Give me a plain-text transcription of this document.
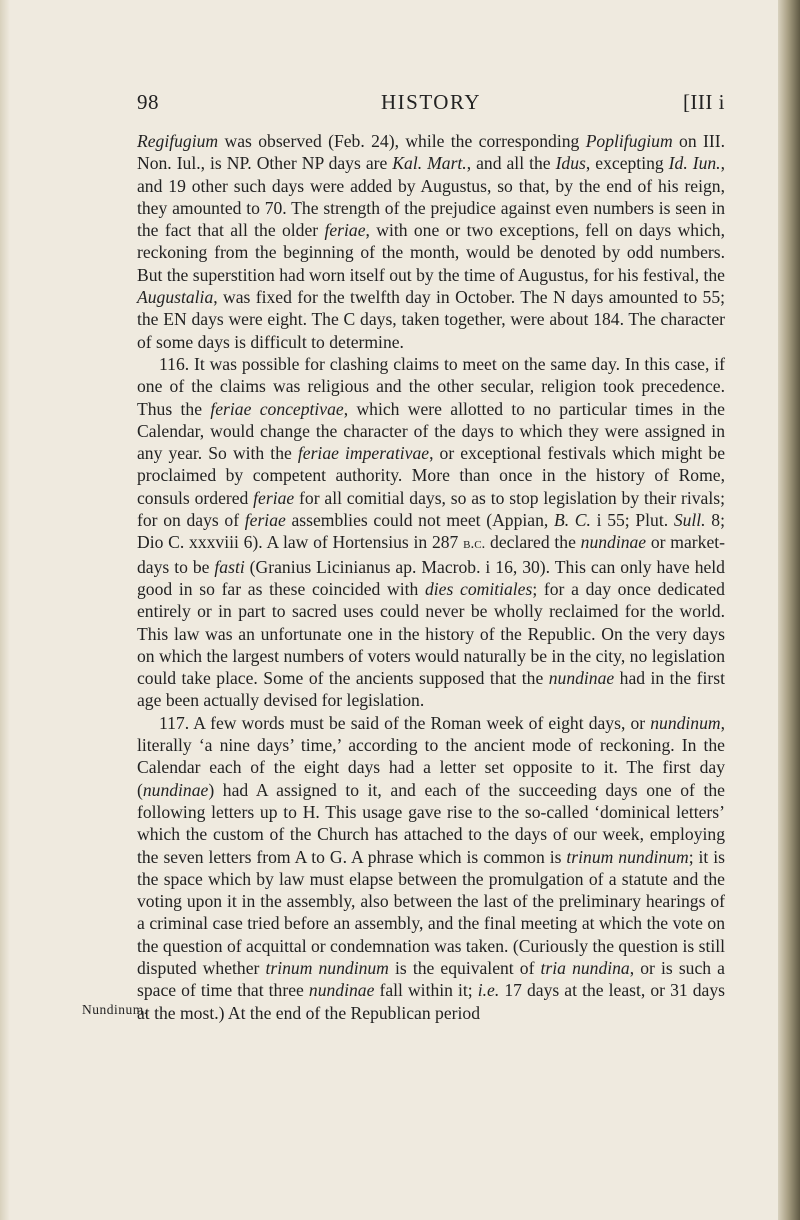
98	HISTORY	[III i
Nundinum.

Regifugium was observed (Feb. 24), while the corresponding Poplifugium on III. Non. Iul., is NP. Other NP days are Kal. Mart., and all the Idus, excepting Id. Iun., and 19 other such days were added by Augustus, so that, by the end of his reign, they amounted to 70. The strength of the prejudice against even numbers is seen in the fact that all the older feriae, with one or two exceptions, fell on days which, reckoning from the beginning of the month, would be denoted by odd numbers. But the superstition had worn itself out by the time of Augustus, for his festival, the Augustalia, was fixed for the twelfth day in October. The N days amounted to 55; the EN days were eight. The C days, taken together, were about 184. The character of some days is difficult to determine.

116. It was possible for clashing claims to meet on the same day. In this case, if one of the claims was religious and the other secular, religion took precedence. Thus the feriae conceptivae, which were allotted to no particular times in the Calendar, would change the character of the days to which they were assigned in any year. So with the feriae imperativae, or exceptional festivals which might be proclaimed by competent authority. More than once in the history of Rome, consuls ordered feriae for all comitial days, so as to stop legislation by their rivals; for on days of feriae assemblies could not meet (Appian, B. C. i 55; Plut. Sull. 8; Dio C. xxxviii 6). A law of Hortensius in 287 b.c. declared the nundinae or market-days to be fasti (Granius Licinianus ap. Macrob. i 16, 30). This can only have held good in so far as these coincided with dies comitiales; for a day once dedicated entirely or in part to sacred uses could never be wholly reclaimed for the world. This law was an unfortunate one in the history of the Republic. On the very days on which the largest numbers of voters would naturally be in the city, no legislation could take place. Some of the ancients supposed that the nundinae had in the first age been actually devised for legislation.

117. A few words must be said of the Roman week of eight days, or nundinum, literally ‘a nine days’ time,’ according to the ancient mode of reckoning. In the Calendar each of the eight days had a letter set opposite to it. The first day (nundinae) had A assigned to it, and each of the succeeding days one of the following letters up to H. This usage gave rise to the so-called ‘dominical letters’ which the custom of the Church has attached to the days of our week, employing the seven letters from A to G. A phrase which is common is trinum nundinum; it is the space which by law must elapse between the promulgation of a statute and the voting upon it in the assembly, also between the last of the preliminary hearings of a criminal case tried before an assembly, and the final meeting at which the vote on the question of acquittal or condemnation was taken. (Curiously the question is still disputed whether trinum nundinum is the equivalent of tria nundina, or is such a space of time that three nundinae fall within it; i.e. 17 days at the least, or 31 days at the most.) At the end of the Republican period
